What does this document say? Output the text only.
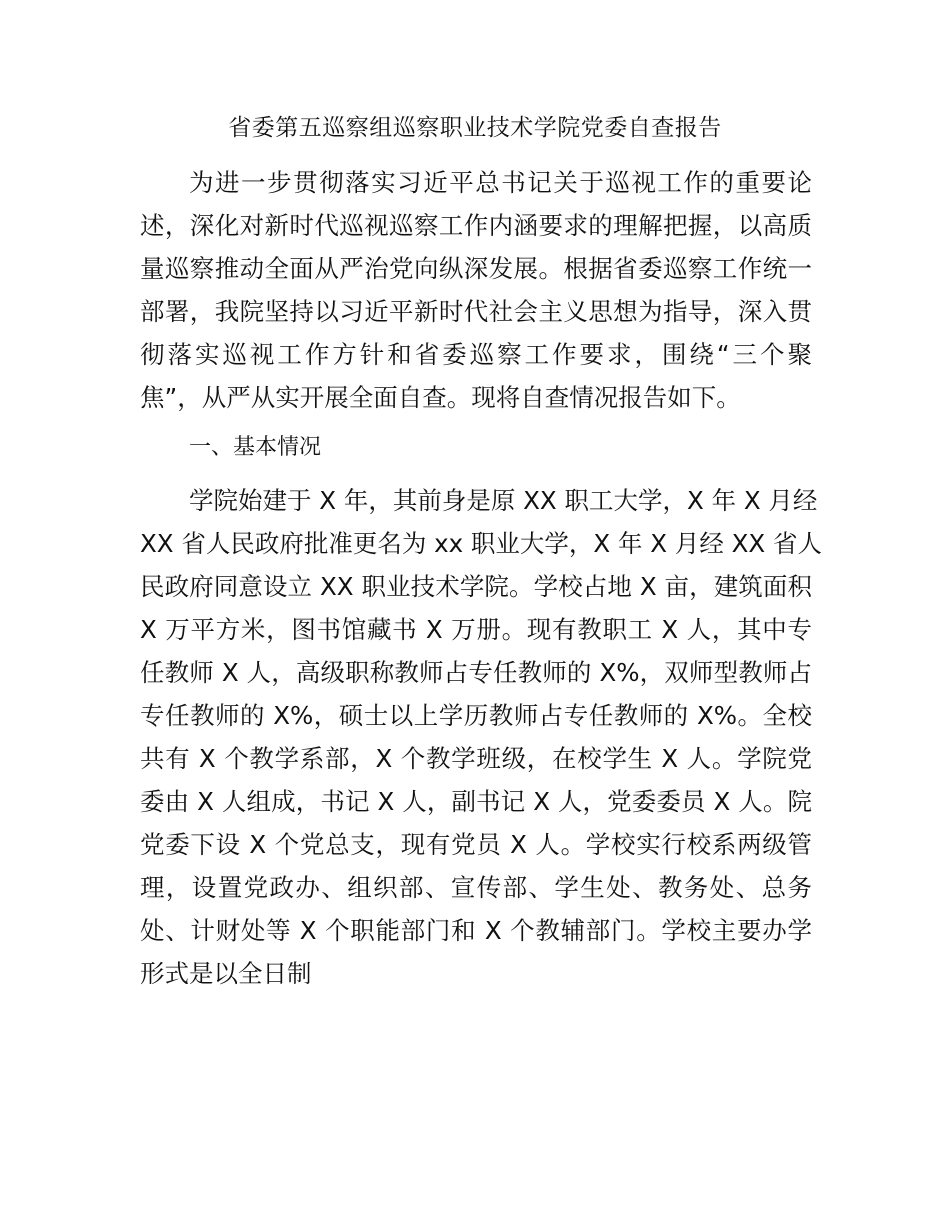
省委第五巡察组巡察职业技术学院党委自查报告
为进一步贯彻落实习近平总书记关于巡视工作的重要论
述，深化对新时代巡视巡察工作内涵要求的理解把握，以高质
量巡察推动全面从严治党向纵深发展。根据省委巡察工作统一
部署，我院坚持以习近平新时代社会主义思想为指导，深入贯
彻落实巡视工作方针和省委巡察工作要求，围绕“三个聚
焦”，从严从实开展全面自查。现将自查情况报告如下。
一、基本情况
学院始建于 X 年，其前身是原 XX 职工大学，X 年 X 月经
XX 省人民政府批准更名为 xx 职业大学，X 年 X 月经 XX 省人
民政府同意设立 XX 职业技术学院。学校占地 X 亩，建筑面积
X 万平方米，图书馆藏书 X 万册。现有教职工 X 人，其中专
任教师 X 人，高级职称教师占专任教师的 X%，双师型教师占
专任教师的 X%，硕士以上学历教师占专任教师的 X%。全校
共有 X 个教学系部，X 个教学班级，在校学生 X 人。学院党
委由 X 人组成，书记 X 人，副书记 X 人，党委委员 X 人。院
党委下设 X 个党总支，现有党员 X 人。学校实行校系两级管
理，设置党政办、组织部、宣传部、学生处、教务处、总务
处、计财处等 X 个职能部门和 X 个教辅部门。学校主要办学
形式是以全日制
